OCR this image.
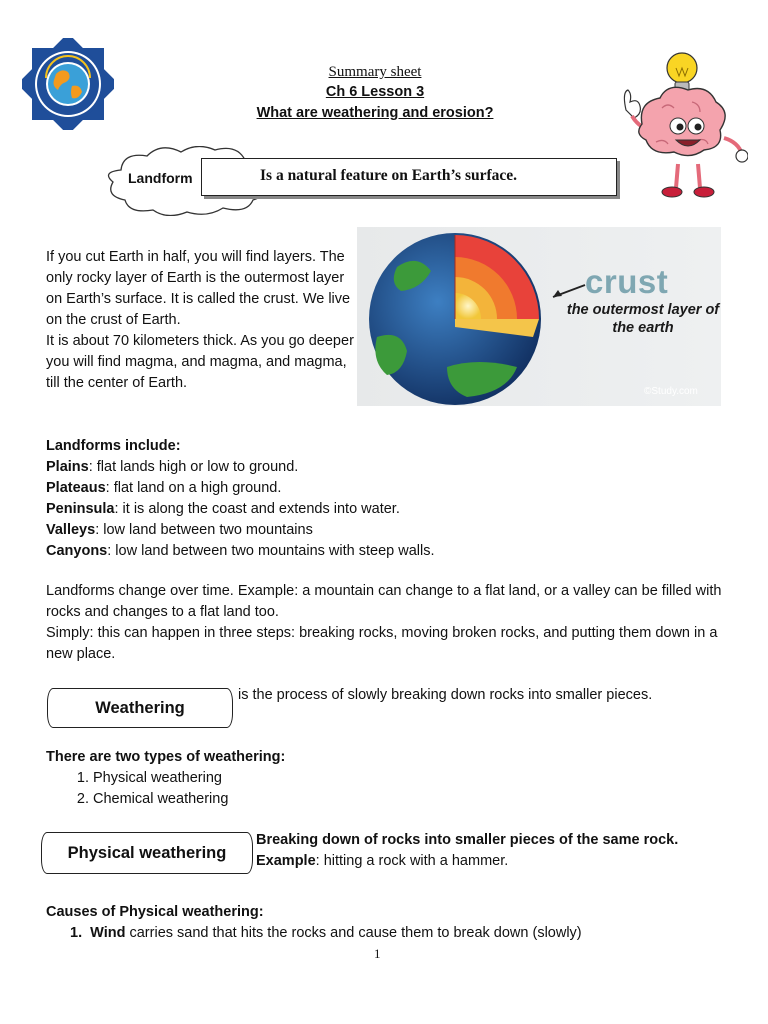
Summary sheet
Ch 6 Lesson 3
What are weathering and erosion?
Landform	Is a natural feature on Earth’s surface.
If you cut Earth in half, you will find layers. The only rocky layer of Earth is the outermost layer on Earth’s surface. It is called the crust. We live on the crust of Earth.
It is about 70 kilometers thick. As you go deeper you will find magma, and magma, and magma, till the center of Earth.
crust
the outermost layer of the earth
©Study.com
Landforms include:
Plains: flat lands high or low to ground.
Plateaus: flat land on a high ground.
Peninsula: it is along the coast and extends into water.
Valleys: low land between two mountains
Canyons: low land between two mountains with steep walls.
Landforms change over time. Example: a mountain can change to a flat land, or a valley can be filled with rocks and changes to a flat land too.
Simply: this can happen in three steps: breaking rocks, moving broken rocks, and putting them down in a new place.
Weathering
is the process of slowly breaking down rocks into smaller pieces.
There are two types of weathering:
1. Physical weathering
2. Chemical weathering
Physical weathering
Breaking down of rocks into smaller pieces of the same rock.
Example: hitting a rock with a hammer.
Causes of Physical weathering:
1. Wind carries sand that hits the rocks and cause them to break down (slowly)
1
